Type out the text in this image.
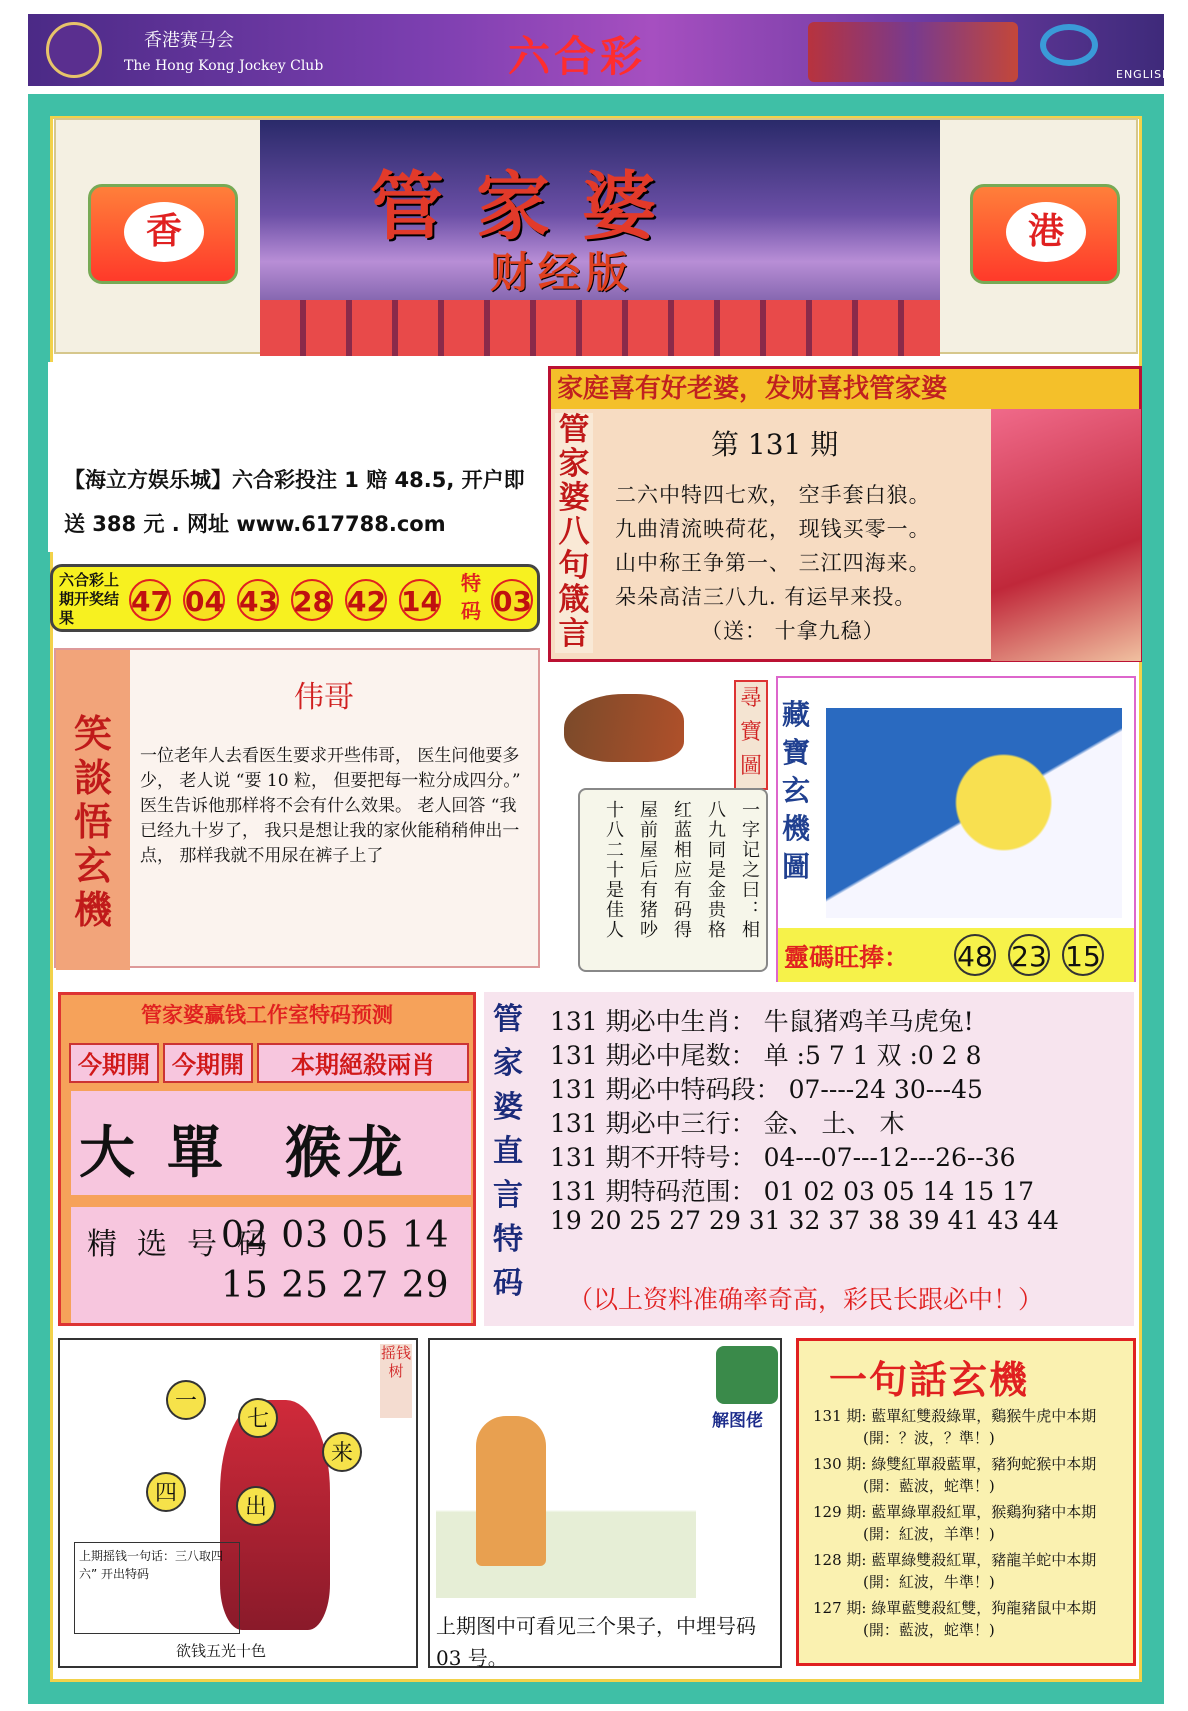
香港赛马会
The Hong Kong Jockey Club	六合彩	ENGLISH
香	管家婆
财经版
港
【海立方娱乐城】六合彩投注 1 赔 48.5, 开户即送 388 元 . 网址 www.617788.com
六合彩上期开奖结果	47 04 43 28 42 14
特码 03
家庭喜有好老婆，发财喜找管家婆
管家婆八句箴言
第 131 期
二六中特四七欢， 空手套白狼。
九曲清流映荷花， 现钱买零一。
山中称王争第一、 三江四海来。
朵朵高洁三八九. 有运早来投。
（送： 十拿九稳）
笑談悟玄機
伟哥
一位老年人去看医生要求开些伟哥， 医生问他要多少， 老人说 “要 10 粒， 但要把每一粒分成四分。” 医生告诉他那样将不会有什么效果。 老人回答 “我已经九十岁了， 我只是想让我的家伙能稍稍伸出一点， 那样我就不用尿在裤子上了
尋寶圖
一字记之曰：相
八九同是金贵格
红蓝相应有码得
屋前屋后有猪吵
十八二十是佳人
藏寶玄機圖
靈碼旺捧： 48 23 15
管家婆赢钱工作室特码预测
今期開 今期開	本期絕殺兩肖
大 單 猴龙
精选号码
02 03 05 14
15 25 27 29
管家婆直言特码
131 期必中生肖： 牛鼠猪鸡羊马虎兔!
131 期必中尾数： 单 :5 7 1 双 :0 2 8
131 期必中特码段： 07----24 30---45
131 期必中三行： 金、 土、 木
131 期不开特号： 04---07---12---26--36
131 期特码范围： 01 02 03 05 14 15 17
19 20 25 27 29 31 32 37 38 39 41 43 44
（以上资料准确率奇高，彩民长跟必中！）
一
七
来
四
出
摇钱树
上期摇钱一句话：三八取四六” 开出特码
欲钱五光十色
解图佬
上期图中可看见三个果子，中埋号码 03 号。
一句話玄機
131 期: 藍單紅雙殺綠單，鷄猴牛虎中本期
(開：？波，？準！)
130 期: 綠雙紅單殺藍單，豬狗蛇猴中本期
(開：藍波，蛇準！)
129 期: 藍單綠單殺紅單，猴鷄狗豬中本期
(開：紅波，羊準！)
128 期: 藍單綠雙殺紅單，豬龍羊蛇中本期
(開：紅波，牛準！)
127 期: 綠單藍雙殺紅雙，狗龍豬鼠中本期
(開：藍波，蛇準！)
